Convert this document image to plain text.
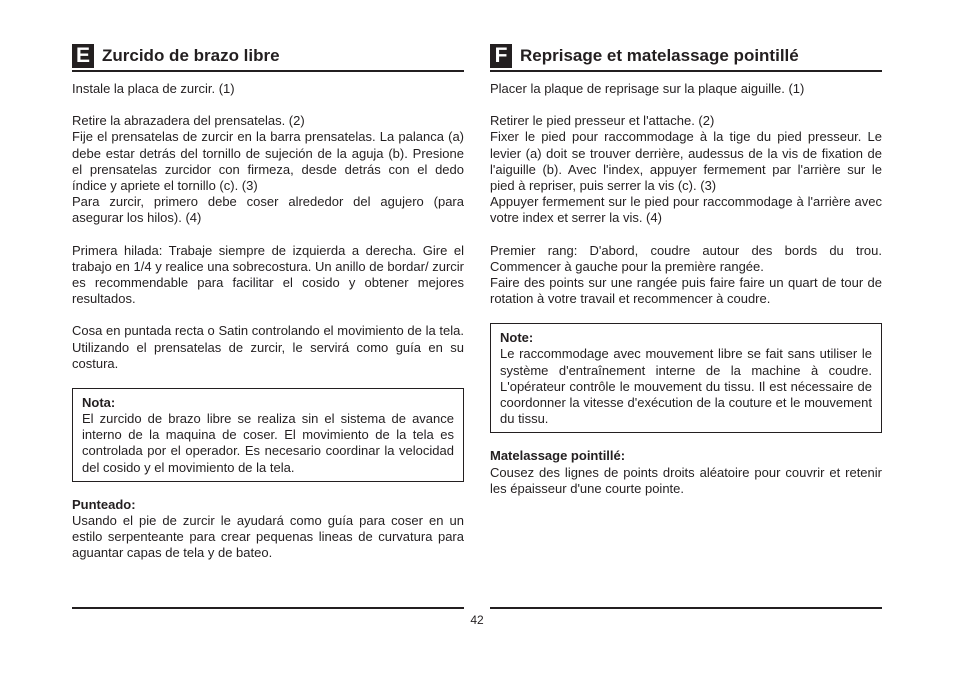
E Zurcido de brazo libre

Instale la placa de zurcir. (1)

Retire la abrazadera del prensatelas. (2)
Fije el prensatelas de zurcir en la barra prensatelas. La palanca (a) debe estar detrás del tornillo de sujeción de la aguja (b). Presione el prensatelas zurcidor con firmeza, desde detrás con el dedo índice y apriete el tornillo (c). (3)
Para zurcir, primero debe coser alrededor del agujero (para asegurar los hilos). (4)

Primera hilada: Trabaje siempre de izquierda a derecha. Gire el trabajo en 1/4 y realice una sobrecostura. Un anillo de bordar/ zurcir es recommendable para facilitar el cosido y obtener mejores resultados.

Cosa en puntada recta o Satin controlando el movimiento de la tela. Utilizando el prensatelas de zurcir, le servirá como guía en su costura.

Nota:
El zurcido de brazo libre se realiza sin el sistema de avance interno de la maquina de coser. El movimiento de la tela es controlada por el operador. Es necesario coordinar la velocidad del cosido y el movimiento de la tela.
Punteado:

Usando el pie de zurcir le ayudará como guía para coser en un estilo serpenteante para crear pequenas lineas de curvatura para aguantar capas de tela y de bateo.

F Reprisage et matelassage pointillé

Placer la plaque de reprisage sur la plaque aiguille. (1)

Retirer le pied presseur et l'attache. (2)
Fixer le pied pour raccommodage à la tige du pied presseur. Le levier (a) doit se trouver derrière, audessus de la vis de fixation de l'aiguille (b). Avec l'index, appuyer fermement par l'arrière sur le pied à repriser, puis serrer la vis (c). (3)
Appuyer fermement sur le pied pour raccommodage à l'arrière avec votre index et serrer la vis. (4)
Premier rang: D'abord, coudre autour des bords du trou. Commencer à gauche pour la première rangée.
Faire des points sur une rangée puis faire faire un quart de tour de rotation à votre travail et recommencer à coudre.
Note:
Le raccommodage avec mouvement libre se fait sans utiliser le système d'entraînement interne de la machine à coudre. L'opérateur contrôle le mouvement du tissu. Il est nécessaire de coordonner la vitesse d'exécution de la couture et le mouvement du tissu.
Matelassage pointillé:

Cousez des lignes de points droits aléatoire pour couvrir et retenir les épaisseur d'une courte pointe.

42
